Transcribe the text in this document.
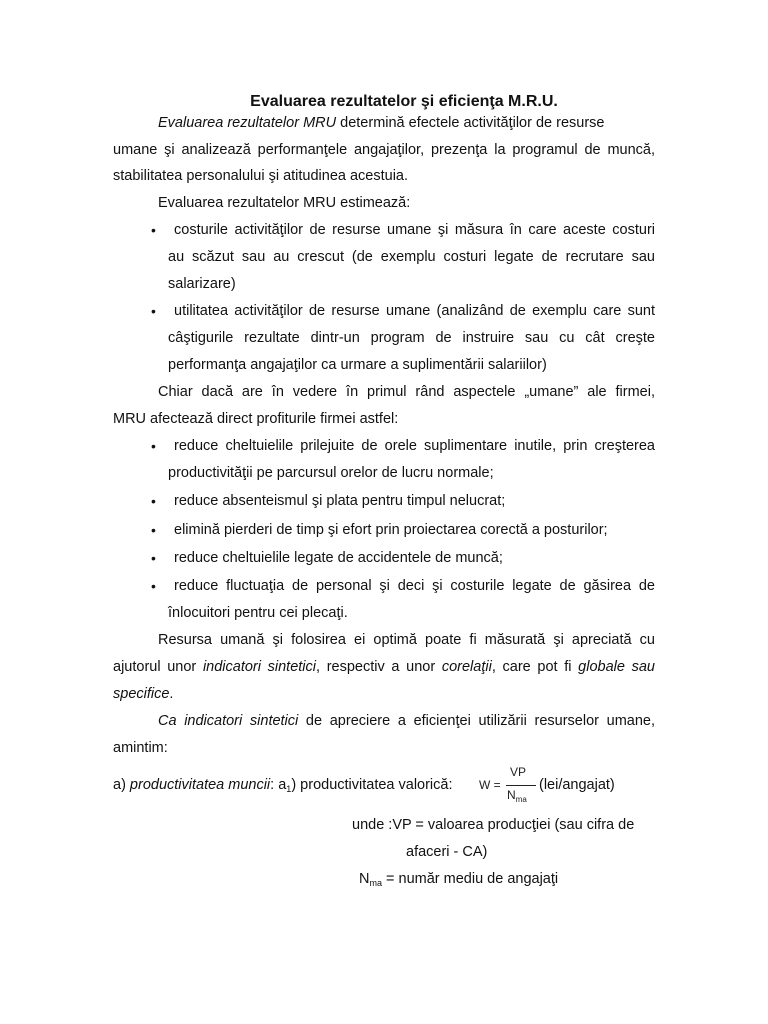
Evaluarea rezultatelor şi eficienţa M.R.U.
Evaluarea rezultatelor MRU determină efectele activităţilor de resurse
umane şi analizează performanţele angajaţilor, prezenţa la programul de muncă,
stabilitatea personalului şi atitudinea acestuia.
Evaluarea rezultatelor MRU estimează:
• costurile activităţilor de resurse umane şi măsura în care aceste costuri
au scăzut sau au crescut (de exemplu costuri legate de recrutare sau
salarizare)
• utilitatea activităţilor de resurse umane (analizând de exemplu care sunt
câştigurile rezultate dintr-un program de instruire sau cu cât creşte
performanţa angajaţilor ca urmare a suplimentării salariilor)
Chiar dacă are în vedere în primul rând aspectele „umane” ale firmei,
MRU afectează direct profiturile firmei astfel:
• reduce cheltuielile prilejuite de orele suplimentare inutile, prin creşterea
productivităţii pe parcursul orelor de lucru normale;
• reduce absenteismul şi plata pentru timpul nelucrat;
• elimină pierderi de timp şi efort prin proiectarea corectă a posturilor;
• reduce cheltuielile legate de accidentele de muncă;
• reduce fluctuaţia de personal şi deci şi costurile legate de găsirea de
înlocuitori pentru cei plecaţi.
Resursa umană şi folosirea ei optimă poate fi măsurată şi apreciată cu
ajutorul unor indicatori sintetici, respectiv a unor corelaţii, care pot fi globale sau
specifice.
Ca indicatori sintetici de apreciere a eficienţei utilizării resurselor umane,
amintim:
a) productivitatea muncii: $a_1$) productivitatea valorică:	W =
VP
$N_{ma}$
(lei/angajat)
unde :VP = valoarea producţiei (sau cifra de
afaceri - CA)
$N_{ma}$ = număr mediu de angajaţi
